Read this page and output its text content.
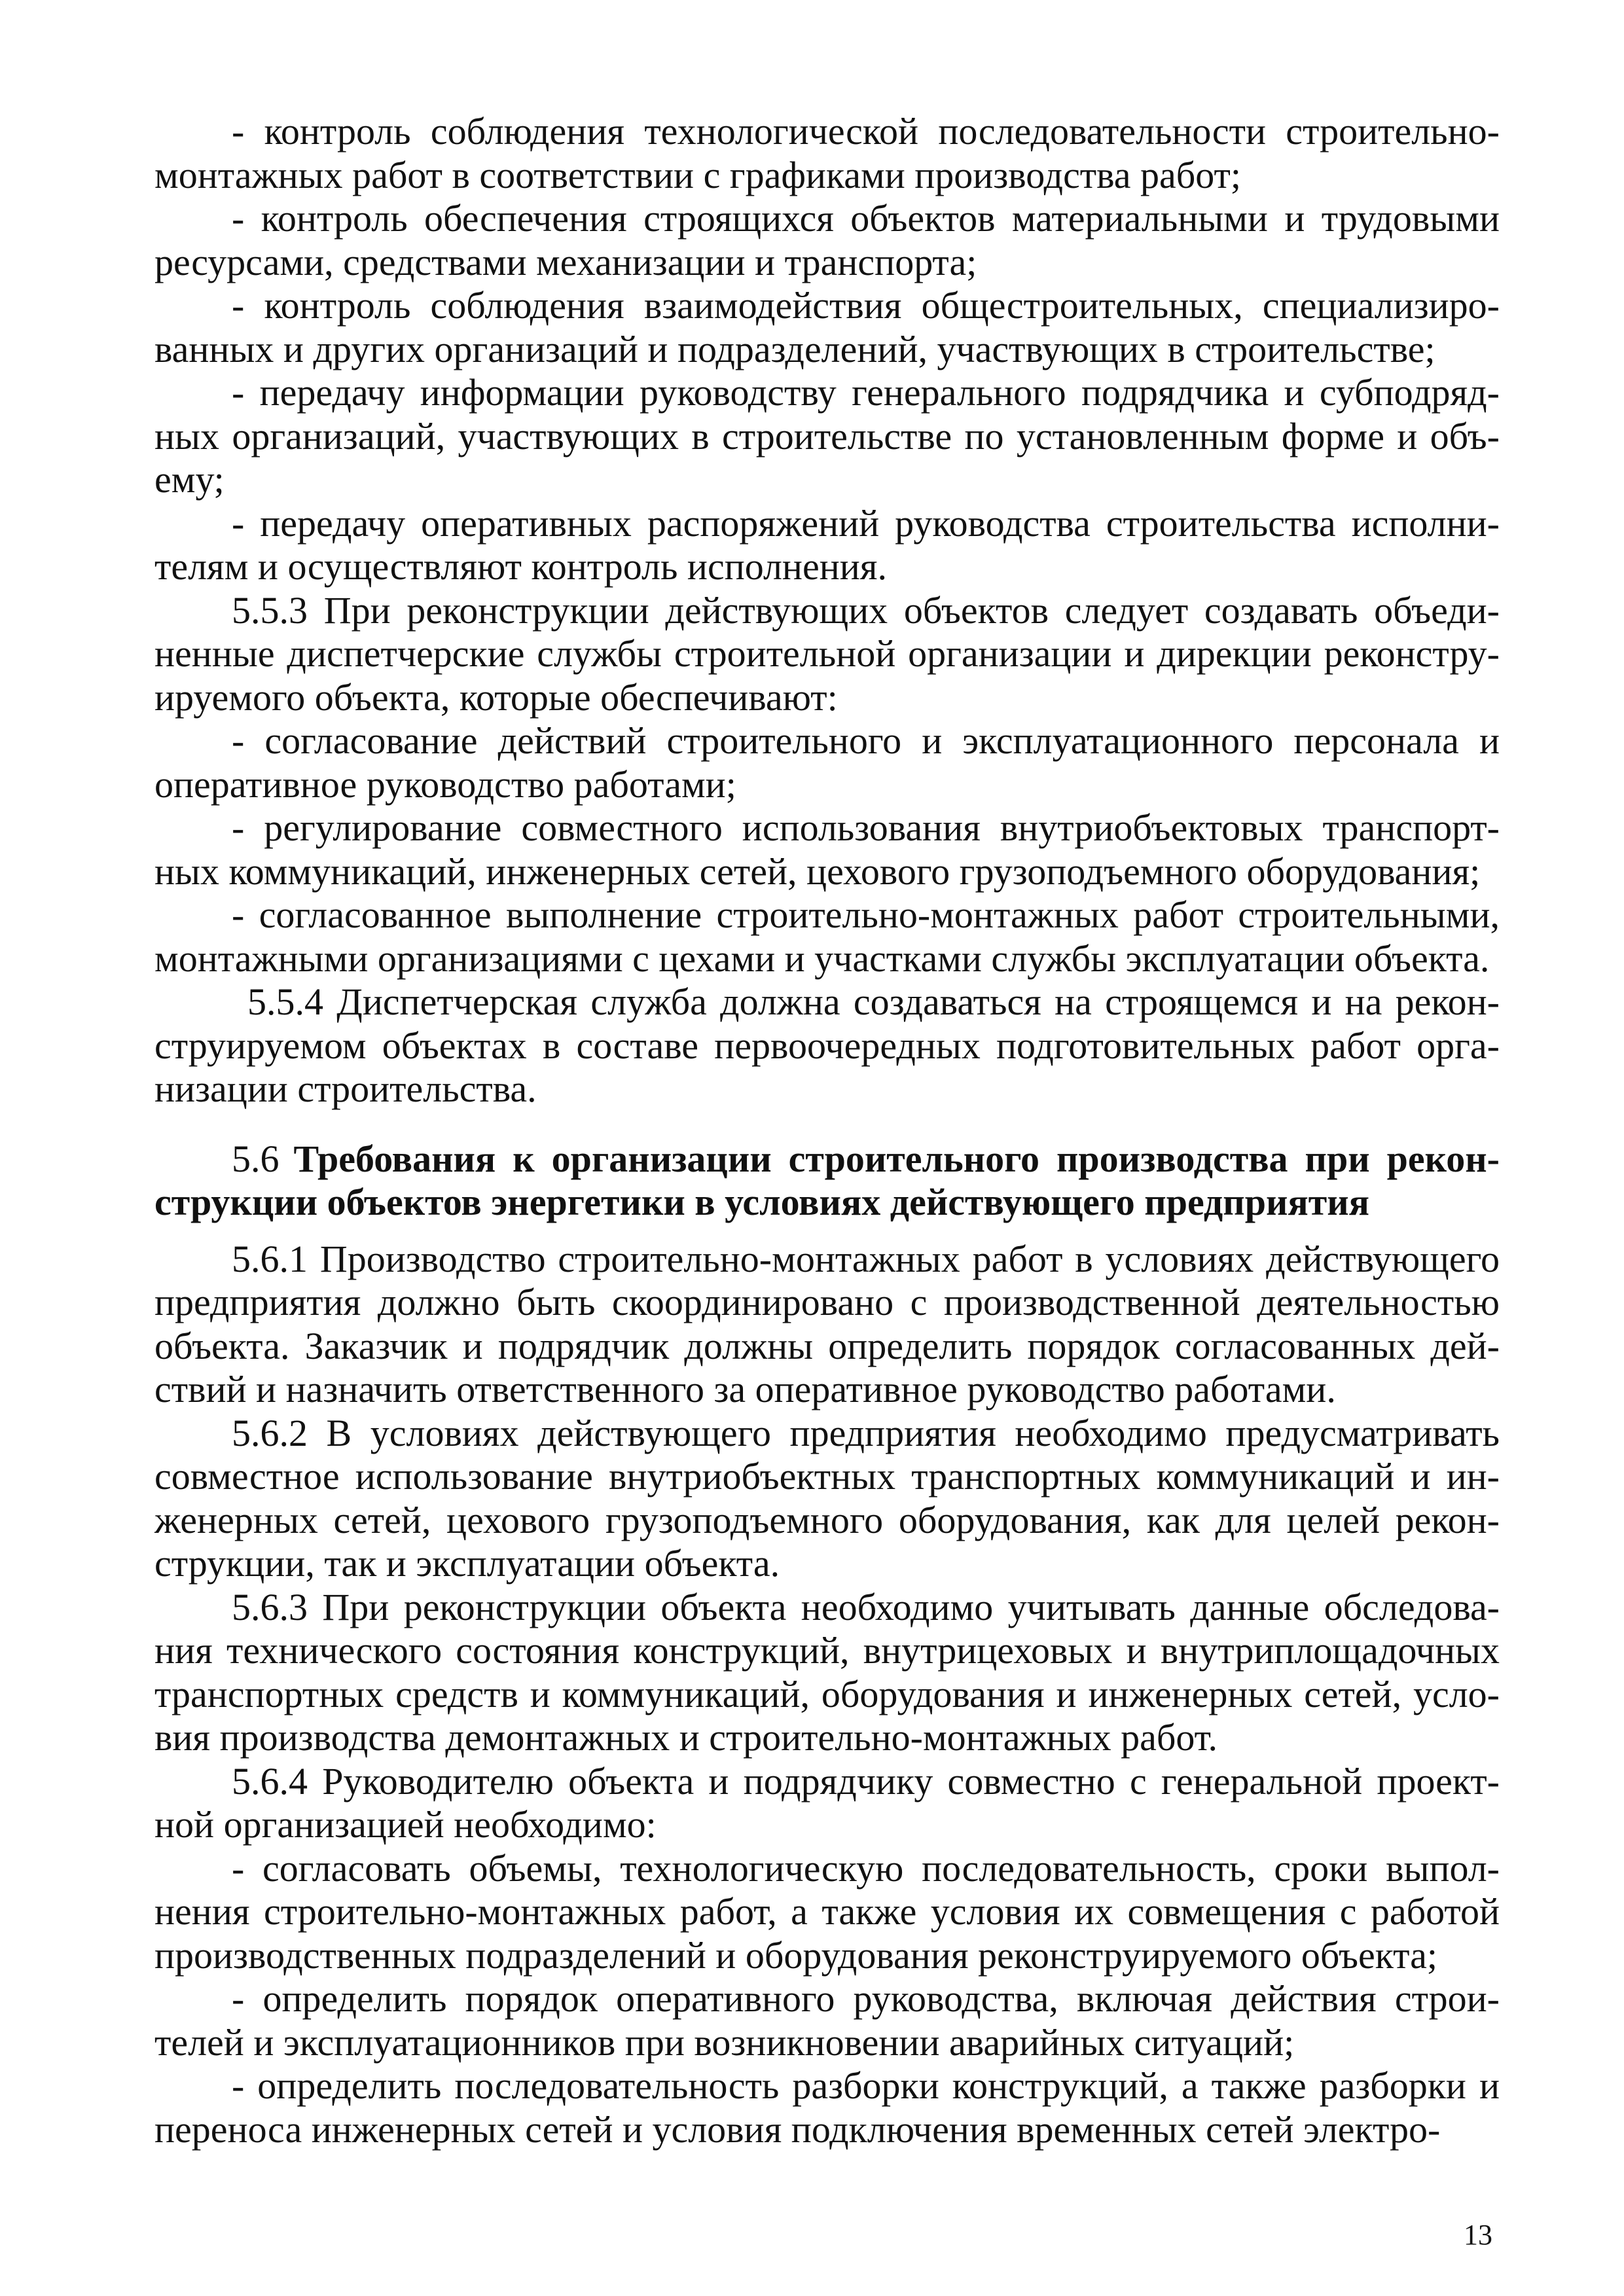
- контроль соблюдения технологической последовательности строительно-монтажных работ в соответствии с графиками производства работ;

- контроль обеспечения строящихся объектов материальными и трудовыми ресурсами, средствами механизации и транспорта;

- контроль соблюдения взаимодействия общестроительных, специализиро-ванных и других организаций и подразделений, участвующих в строительстве;

- передачу информации руководству генерального подрядчика и субподряд-ных организаций, участвующих в строительстве по установленным форме и объ-ему;

- передачу оперативных распоряжений руководства строительства исполни-телям и осуществляют контроль исполнения.

5.5.3 При реконструкции действующих объектов следует создавать объеди-ненные диспетчерские службы строительной организации и дирекции реконстру-ируемого объекта, которые обеспечивают:

- согласование действий строительного и эксплуатационного персонала и оперативное руководство работами;

- регулирование совместного использования внутриобъектовых транспорт-ных коммуникаций, инженерных сетей, цехового грузоподъемного оборудования;

- согласованное выполнение строительно-монтажных работ строительными, монтажными организациями с цехами и участками службы эксплуатации объекта.

5.5.4 Диспетчерская служба должна создаваться на строящемся и на рекон-струируемом объектах в составе первоочередных подготовительных работ орга-низации строительства.

5.6 Требования к организации строительного производства при рекон-струкции объектов энергетики в условиях действующего предприятия

5.6.1 Производство строительно-монтажных работ в условиях действующего предприятия должно быть скоординировано с производственной деятельностью объекта. Заказчик и подрядчик должны определить порядок согласованных дей-ствий и назначить ответственного за оперативное руководство работами.

5.6.2 В условиях действующего предприятия необходимо предусматривать совместное использование внутриобъектных транспортных коммуникаций и ин-женерных сетей, цехового грузоподъемного оборудования, как для целей рекон-струкции, так и эксплуатации объекта.

5.6.3 При реконструкции объекта необходимо учитывать данные обследова-ния технического состояния конструкций, внутрицеховых и внутриплощадочных транспортных средств и коммуникаций, оборудования и инженерных сетей, усло-вия производства демонтажных и строительно-монтажных работ.

5.6.4 Руководителю объекта и подрядчику совместно с генеральной проект-ной организацией необходимо:

- согласовать объемы, технологическую последовательность, сроки выпол-нения строительно-монтажных работ, а также условия их совмещения с работой производственных подразделений и оборудования реконструируемого объекта;

- определить порядок оперативного руководства, включая действия строи-телей и эксплуатационников при возникновении аварийных ситуаций;

- определить последовательность разборки конструкций, а также разборки и переноса инженерных сетей и условия подключения временных сетей электро-

13
